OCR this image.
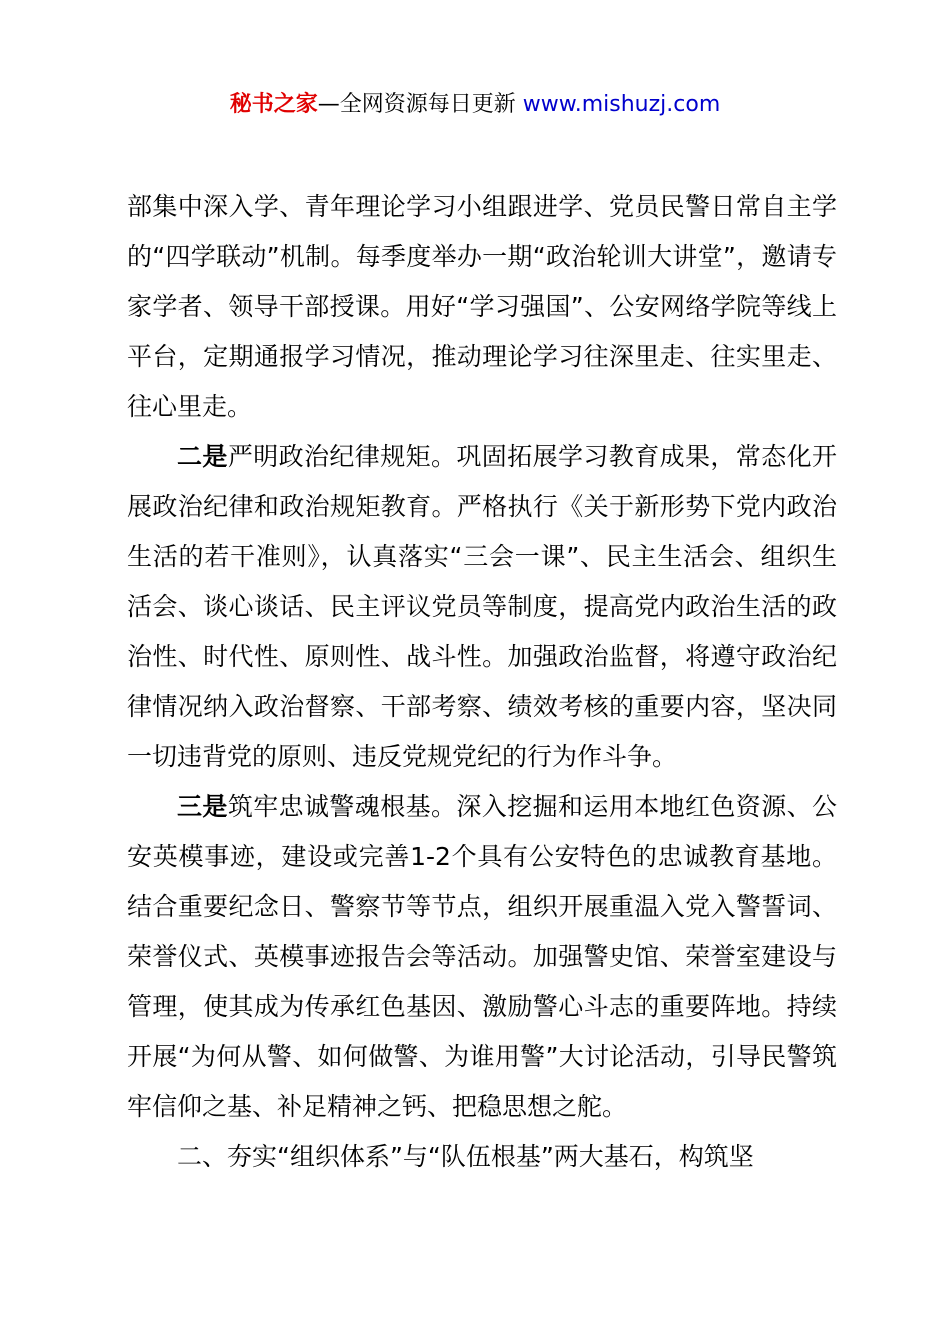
秘书之家—全网资源每日更新 www.mishuzj.com

部集中深入学、青年理论学习小组跟进学、党员民警日常自主学的“四学联动”机制。每季度举办一期“政治轮训大讲堂”，邀请专家学者、领导干部授课。用好“学习强国”、公安网络学院等线上平台，定期通报学习情况，推动理论学习往深里走、往实里走、往心里走。

二是严明政治纪律规矩。巩固拓展学习教育成果，常态化开展政治纪律和政治规矩教育。严格执行《关于新形势下党内政治生活的若干准则》，认真落实“三会一课”、民主生活会、组织生活会、谈心谈话、民主评议党员等制度，提高党内政治生活的政治性、时代性、原则性、战斗性。加强政治监督，将遵守政治纪律情况纳入政治督察、干部考察、绩效考核的重要内容，坚决同一切违背党的原则、违反党规党纪的行为作斗争。

三是筑牢忠诚警魂根基。深入挖掘和运用本地红色资源、公安英模事迹，建设或完善1-2个具有公安特色的忠诚教育基地。结合重要纪念日、警察节等节点，组织开展重温入党入警誓词、荣誉仪式、英模事迹报告会等活动。加强警史馆、荣誉室建设与管理，使其成为传承红色基因、激励警心斗志的重要阵地。持续开展“为何从警、如何做警、为谁用警”大讨论活动，引导民警筑牢信仰之基、补足精神之钙、把稳思想之舵。

二、夯实“组织体系”与“队伍根基”两大基石，构筑坚
